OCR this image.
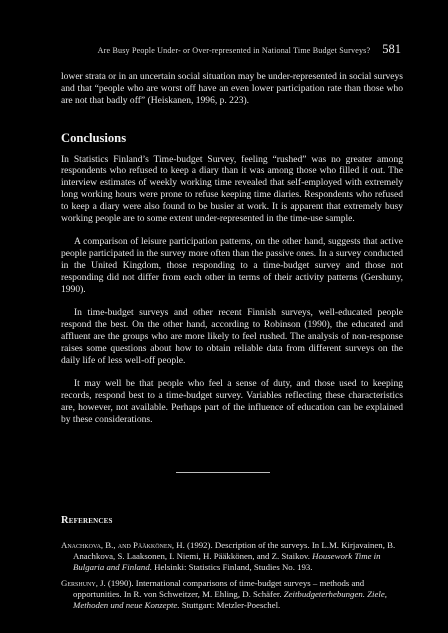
Are Busy People Under- or Over-represented in National Time Budget Surveys? 581

lower strata or in an uncertain social situation may be under-represented in social surveys and that “people who are worst off have an even lower participation rate than those who are not that badly off” (Heiskanen, 1996, p. 223).

Conclusions

In Statistics Finland’s Time-budget Survey, feeling “rushed” was no greater among respondents who refused to keep a diary than it was among those who filled it out. The interview estimates of weekly working time revealed that self-employed with extremely long working hours were prone to refuse keeping time diaries. Respondents who refused to keep a diary were also found to be busier at work. It is apparent that extremely busy working people are to some extent under-represented in the time-use sample.

A comparison of leisure participation patterns, on the other hand, suggests that active people participated in the survey more often than the passive ones. In a survey conducted in the United Kingdom, those responding to a time-budget survey and those not responding did not differ from each other in terms of their activity patterns (Gershuny, 1990).

In time-budget surveys and other recent Finnish surveys, well-educated people respond the best. On the other hand, according to Robinson (1990), the educated and affluent are the groups who are more likely to feel rushed. The analysis of non-response raises some questions about how to obtain reliable data from different surveys on the daily life of less well-off people.

It may well be that people who feel a sense of duty, and those used to keeping records, respond best to a time-budget survey. Variables reflecting these characteristics are, however, not available. Perhaps part of the influence of education can be explained by these considerations.

References

Anachkova, B., and Pääkkönen, H. (1992). Description of the surveys. In L.M. Kirjavainen, B. Anachkova, S. Laaksonen, I. Niemi, H. Pääkkönen, and Z. Staikov. Housework Time in Bulgaria and Finland. Helsinki: Statistics Finland, Studies No. 193.

Gershuny, J. (1990). International comparisons of time-budget surveys – methods and opportunities. In R. von Schweitzer, M. Ehling, D. Schäfer. Zeitbudgeterhebungen. Ziele, Methoden und neue Konzepte. Stuttgart: Metzler-Poeschel.
